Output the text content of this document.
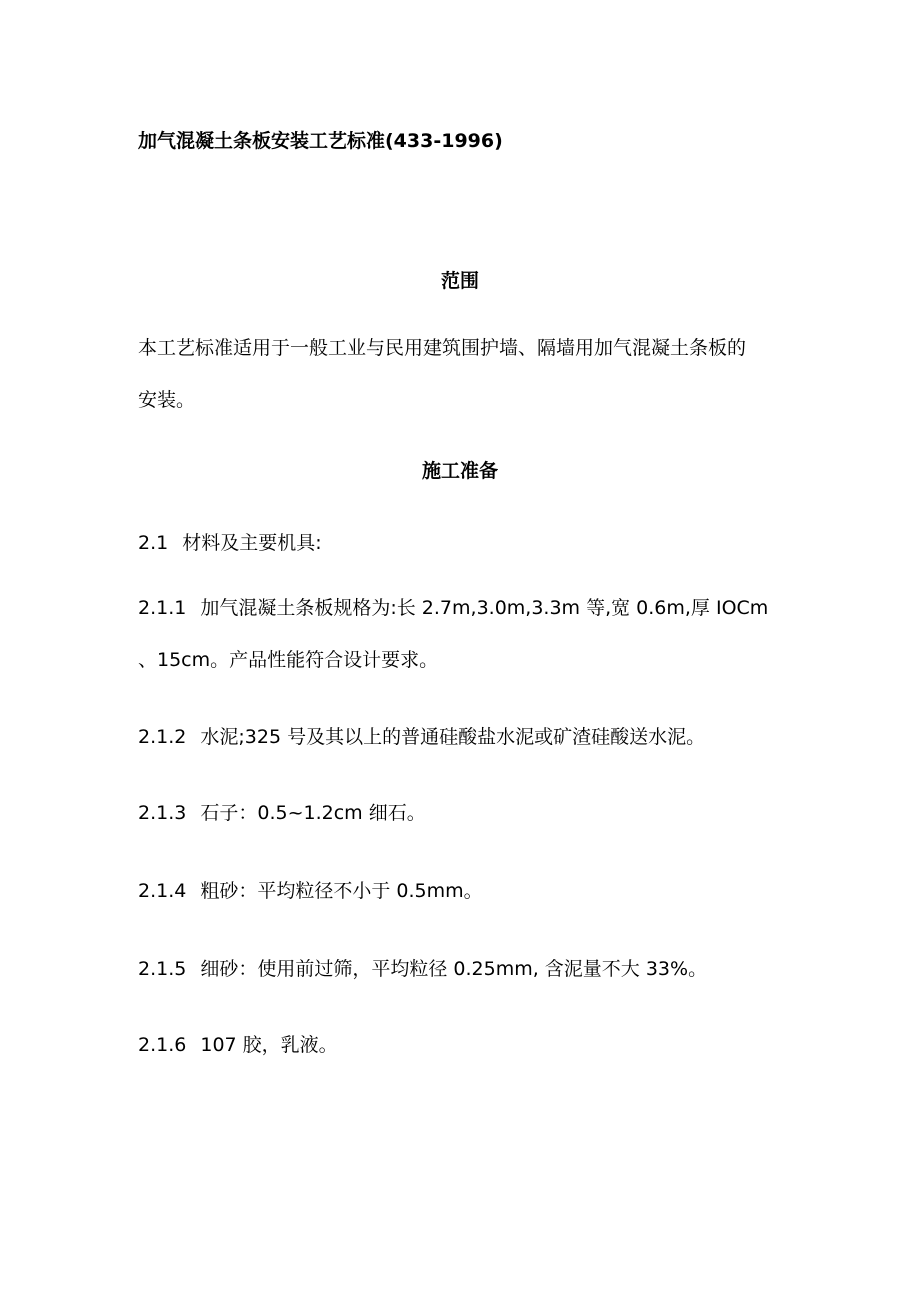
加气混凝土条板安装工艺标准(433-1996)
范围
本工艺标准适用于一般工业与民用建筑围护墙、隔墙用加气混凝土条板的
安装。
施工准备
2.1 材料及主要机具:
2.1.1 加气混凝土条板规格为:长 2.7m,3.0m,3.3m 等,宽 0.6m,厚 IOCm
、15cm。产品性能符合设计要求。
2.1.2 水泥;325 号及其以上的普通硅酸盐水泥或矿渣硅酸送水泥。
2.1.3 石子：0.5~1.2cm 细石。
2.1.4 粗砂：平均粒径不小于 0.5mm。
2.1.5 细砂：使用前过筛，平均粒径 0.25mm, 含泥量不大 33%。
2.1.6 107 胶，乳液。
